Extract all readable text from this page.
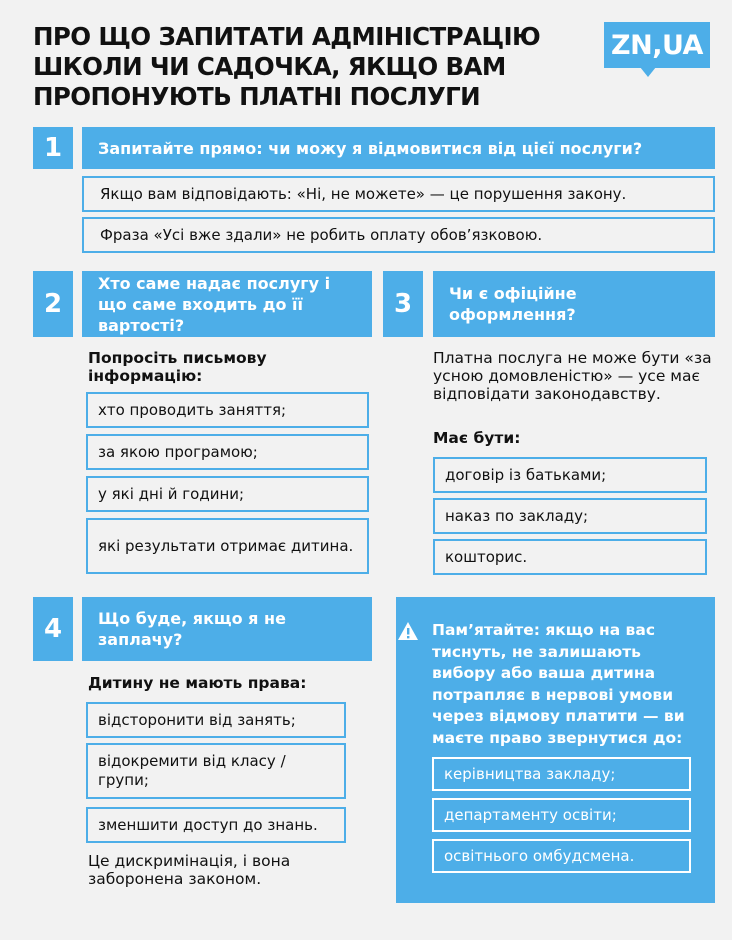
ПРО ЩО ЗАПИТАТИ АДМІНІСТРАЦІЮ ШКОЛИ ЧИ САДОЧКА, ЯКЩО ВАМ ПРОПОНУЮТЬ ПЛАТНІ ПОСЛУГИ
ZN,UA
1	Запитайте прямо: чи можу я відмовитися від цієї послуги?
Якщо вам відповідають: «Ні, не можете» — це порушення закону.
Фраза «Усі вже здали» не робить оплату обов’язковою.
2
Хто саме надає послугу і що саме входить до її вартості?
Попросіть письмову інформацію:
хто проводить заняття;
за якою програмою;
у які дні й години;
які результати отримає дитина.
3	Чи є офіційне оформлення?
Платна послуга не може бути «за усною домовленістю» — усе має відповідати законодавству.
Має бути:
договір із батьками;
наказ по закладу;
кошторис.
4	Що буде, якщо я не заплачу?
Дитину не мають права:
відсторонити від занять;
відокремити від класу / групи;
зменшити доступ до знань.
Це дискримінація, і вона заборонена законом.
Пам’ятайте: якщо на вас тиснуть, не залишають вибору або ваша дитина потрапляє в нервові умови через відмову платити — ви маєте право звернутися до:
керівництва закладу;
департаменту освіти;
освітнього омбудсмена.
